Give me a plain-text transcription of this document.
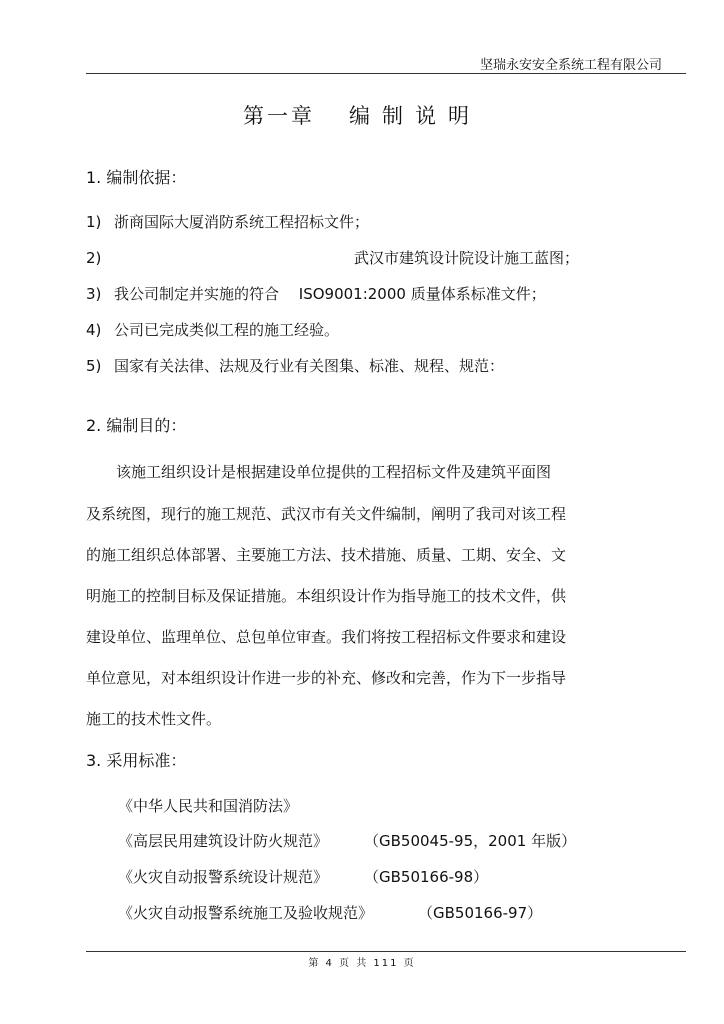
坚瑞永安安全系统工程有限公司
第一章 编制说明
1. 编制依据：
1) 浙商国际大厦消防系统工程招标文件；
2)	武汉市建筑设计院设计施工蓝图；
3) 我公司制定并实施的符合　 ISO9001:2000 质量体系标准文件；
4) 公司已完成类似工程的施工经验。
5) 国家有关法律、法规及行业有关图集、标准、规程、规范：
2. 编制目的：
　　该施工组织设计是根据建设单位提供的工程招标文件及建筑平面图
及系统图，现行的施工规范、武汉市有关文件编制，阐明了我司对该工程
的施工组织总体部署、主要施工方法、技术措施、质量、工期、安全、文
明施工的控制目标及保证措施。本组织设计作为指导施工的技术文件，供
建设单位、监理单位、总包单位审查。我们将按工程招标文件要求和建设
单位意见，对本组织设计作进一步的补充、修改和完善，作为下一步指导
施工的技术性文件。
3. 采用标准：
《中华人民共和国消防法》
《高层民用建筑设计防火规范》 （GB50045-95，2001 年版）
《火灾自动报警系统设计规范》 （GB50166-98）
《火灾自动报警系统施工及验收规范》	（GB50166-97）
第 4 页 共 111 页
